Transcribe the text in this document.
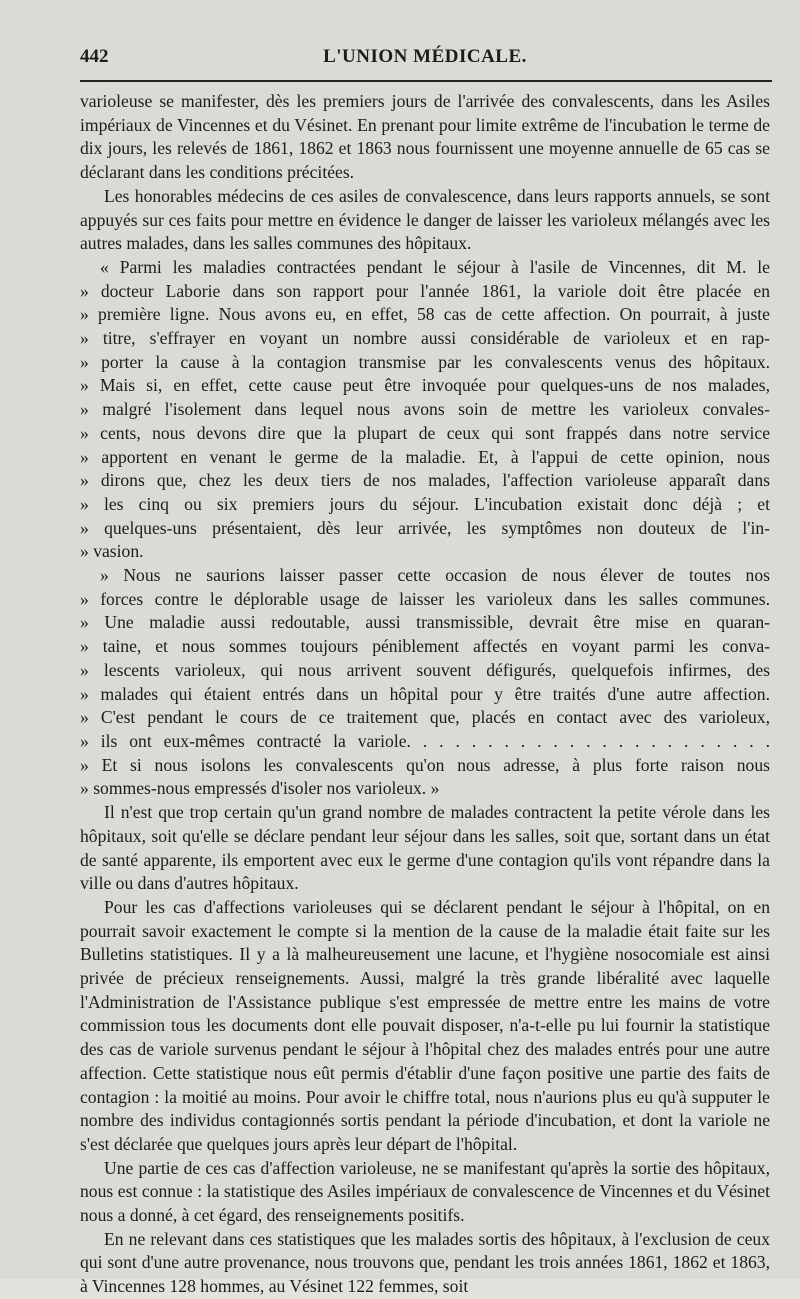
442	L'UNION MÉDICALE.

varioleuse se manifester, dès les premiers jours de l'arrivée des convalescents, dans les Asiles impériaux de Vincennes et du Vésinet. En prenant pour limite extrême de l'incubation le terme de dix jours, les relevés de 1861, 1862 et 1863 nous fournissent une moyenne annuelle de 65 cas se déclarant dans les conditions précitées.

Les honorables médecins de ces asiles de convalescence, dans leurs rapports annuels, se sont appuyés sur ces faits pour mettre en évidence le danger de laisser les varioleux mélangés avec les autres malades, dans les salles communes des hôpitaux.

« Parmi les maladies contractées pendant le séjour à l'asile de Vincennes, dit M. le
» docteur Laborie dans son rapport pour l'année 1861, la variole doit être placée en
» première ligne. Nous avons eu, en effet, 58 cas de cette affection. On pourrait, à juste
» titre, s'effrayer en voyant un nombre aussi considérable de varioleux et en rap-
» porter la cause à la contagion transmise par les convalescents venus des hôpitaux.
» Mais si, en effet, cette cause peut être invoquée pour quelques-uns de nos malades,
» malgré l'isolement dans lequel nous avons soin de mettre les varioleux convales-
» cents, nous devons dire que la plupart de ceux qui sont frappés dans notre service
» apportent en venant le germe de la maladie. Et, à l'appui de cette opinion, nous
» dirons que, chez les deux tiers de nos malades, l'affection varioleuse apparaît dans
» les cinq ou six premiers jours du séjour. L'incubation existait donc déjà ; et
» quelques-uns présentaient, dès leur arrivée, les symptômes non douteux de l'in-
» vasion.
» Nous ne saurions laisser passer cette occasion de nous élever de toutes nos
» forces contre le déplorable usage de laisser les varioleux dans les salles communes.
» Une maladie aussi redoutable, aussi transmissible, devrait être mise en quaran-
» taine, et nous sommes toujours péniblement affectés en voyant parmi les conva-
» lescents varioleux, qui nous arrivent souvent défigurés, quelquefois infirmes, des
» malades qui étaient entrés dans un hôpital pour y être traités d'une autre affection.
» C'est pendant le cours de ce traitement que, placés en contact avec des varioleux,
» ils ont eux-mêmes contracté la variole. . . . . . . . . . . . . . . . . . . . . . .
» Et si nous isolons les convalescents qu'on nous adresse, à plus forte raison nous
» sommes-nous empressés d'isoler nos varioleux. »

Il n'est que trop certain qu'un grand nombre de malades contractent la petite vérole dans les hôpitaux, soit qu'elle se déclare pendant leur séjour dans les salles, soit que, sortant dans un état de santé apparente, ils emportent avec eux le germe d'une contagion qu'ils vont répandre dans la ville ou dans d'autres hôpitaux.

Pour les cas d'affections varioleuses qui se déclarent pendant le séjour à l'hôpital, on en pourrait savoir exactement le compte si la mention de la cause de la maladie était faite sur les Bulletins statistiques. Il y a là malheureusement une lacune, et l'hygiène nosocomiale est ainsi privée de précieux renseignements. Aussi, malgré la très grande libéralité avec laquelle l'Administration de l'Assistance publique s'est empressée de mettre entre les mains de votre commission tous les documents dont elle pouvait disposer, n'a-t-elle pu lui fournir la statistique des cas de variole survenus pendant le séjour à l'hôpital chez des malades entrés pour une autre affection. Cette statistique nous eût permis d'établir d'une façon positive une partie des faits de contagion : la moitié au moins. Pour avoir le chiffre total, nous n'aurions plus eu qu'à supputer le nombre des individus contagionnés sortis pendant la période d'incubation, et dont la variole ne s'est déclarée que quelques jours après leur départ de l'hôpital.

Une partie de ces cas d'affection varioleuse, ne se manifestant qu'après la sortie des hôpitaux, nous est connue : la statistique des Asiles impériaux de convalescence de Vincennes et du Vésinet nous a donné, à cet égard, des renseignements positifs.

En ne relevant dans ces statistiques que les malades sortis des hôpitaux, à l'exclusion de ceux qui sont d'une autre provenance, nous trouvons que, pendant les trois années 1861, 1862 et 1863, à Vincennes 128 hommes, au Vésinet 122 femmes, soit
